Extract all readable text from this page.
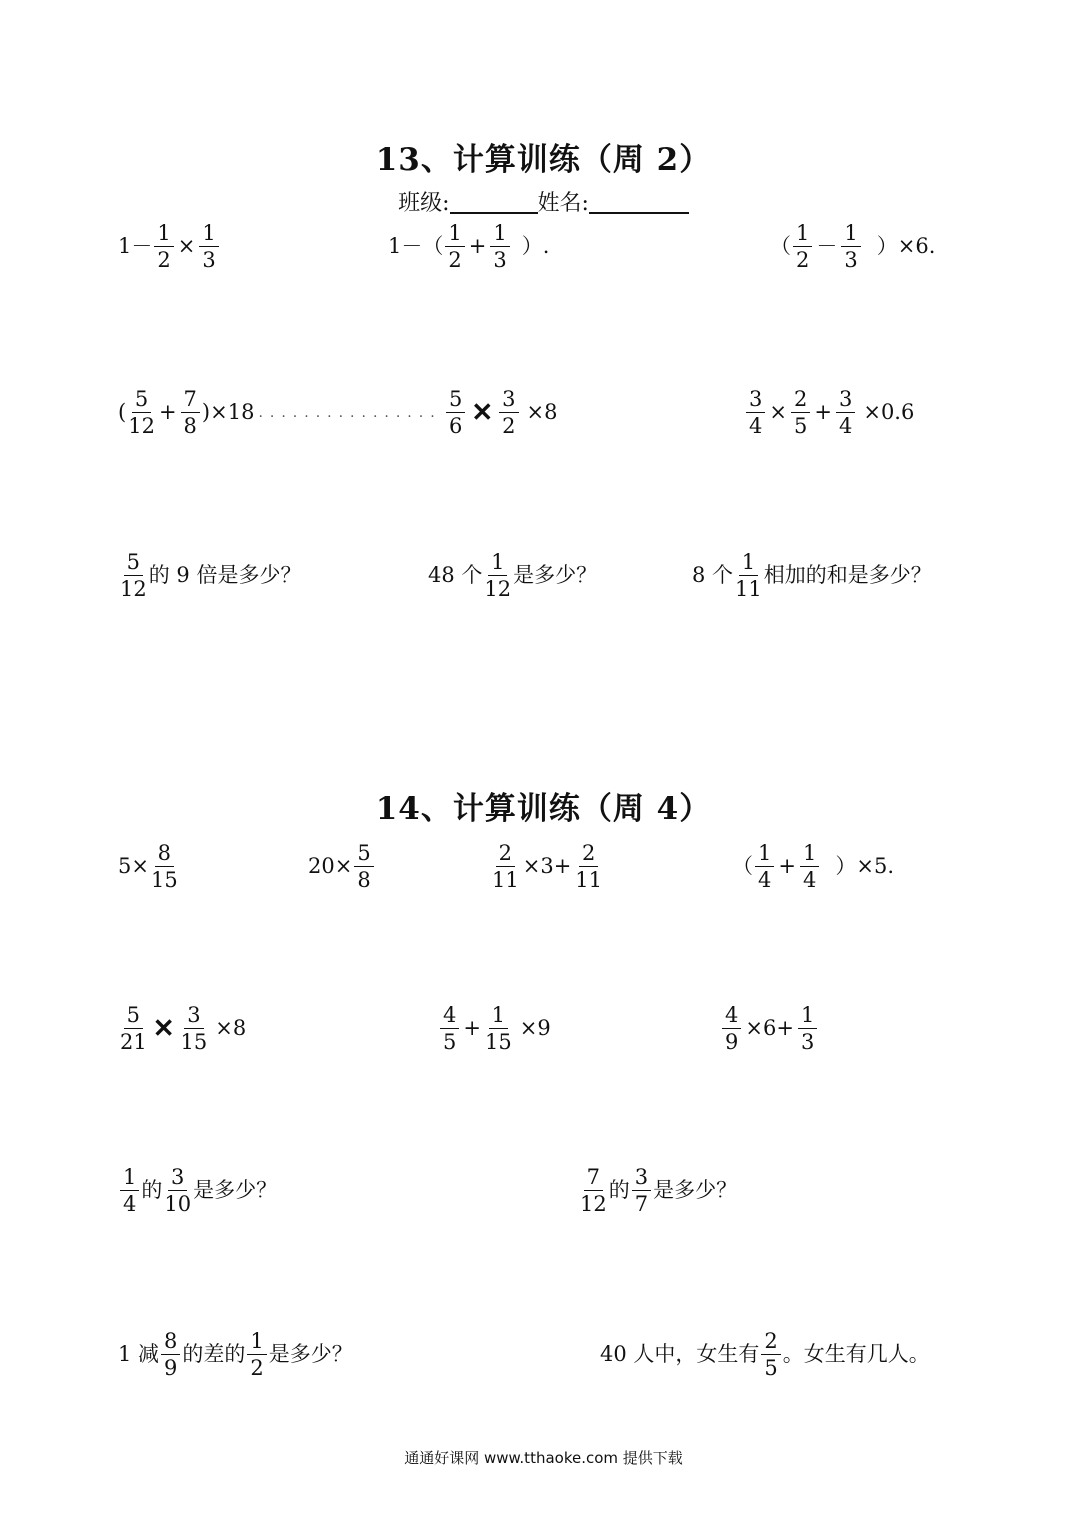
13、计算训练（周 2）
班级:	姓名:
$1- \frac{1}{2} \times \frac{1}{3}$	$1-( \frac{1}{2} + \frac{1}{3}$ ）.	（ $\frac{1}{2} - \frac{1}{3} )\times 6$.
( $\frac{5}{12} + \frac{7}{8} )\times 18$ ................ $\frac{5}{6}$ ✕ $\frac{3}{2} \times 8$	$\frac{3}{4} \times \frac{2}{5} + \frac{3}{4} \times 0.6$
$\frac{5}{12}$ 的 9 倍是多少？	48 个 $\frac{1}{12}$ 是多少？	8 个 $\frac{1}{11}$ 相加的和是多少？
14、计算训练（周 4）
$5\times \frac{8}{15}$	$20\times \frac{5}{8}$	$\frac{2}{11} \times 3+ \frac{2}{11}$	（ $\frac{1}{4} + \frac{1}{4} )\times 5$.
$\frac{5}{21}$ ✕ $\frac{3}{15} \times 8$	$\frac{4}{5} + \frac{1}{15} \times 9$	$\frac{4}{9} \times 6+ \frac{1}{3}$
$\frac{1}{4}$ 的 $\frac{3}{10}$ 是多少？	$\frac{7}{12}$ 的 $\frac{3}{7}$ 是多少？
1 减 $\frac{8}{9}$ 的差的 $\frac{1}{2}$ 是多少？	40 人中，女生有 $\frac{2}{5}$ 。女生有几人。
通通好课网 www.tthaoke.com 提供下载
